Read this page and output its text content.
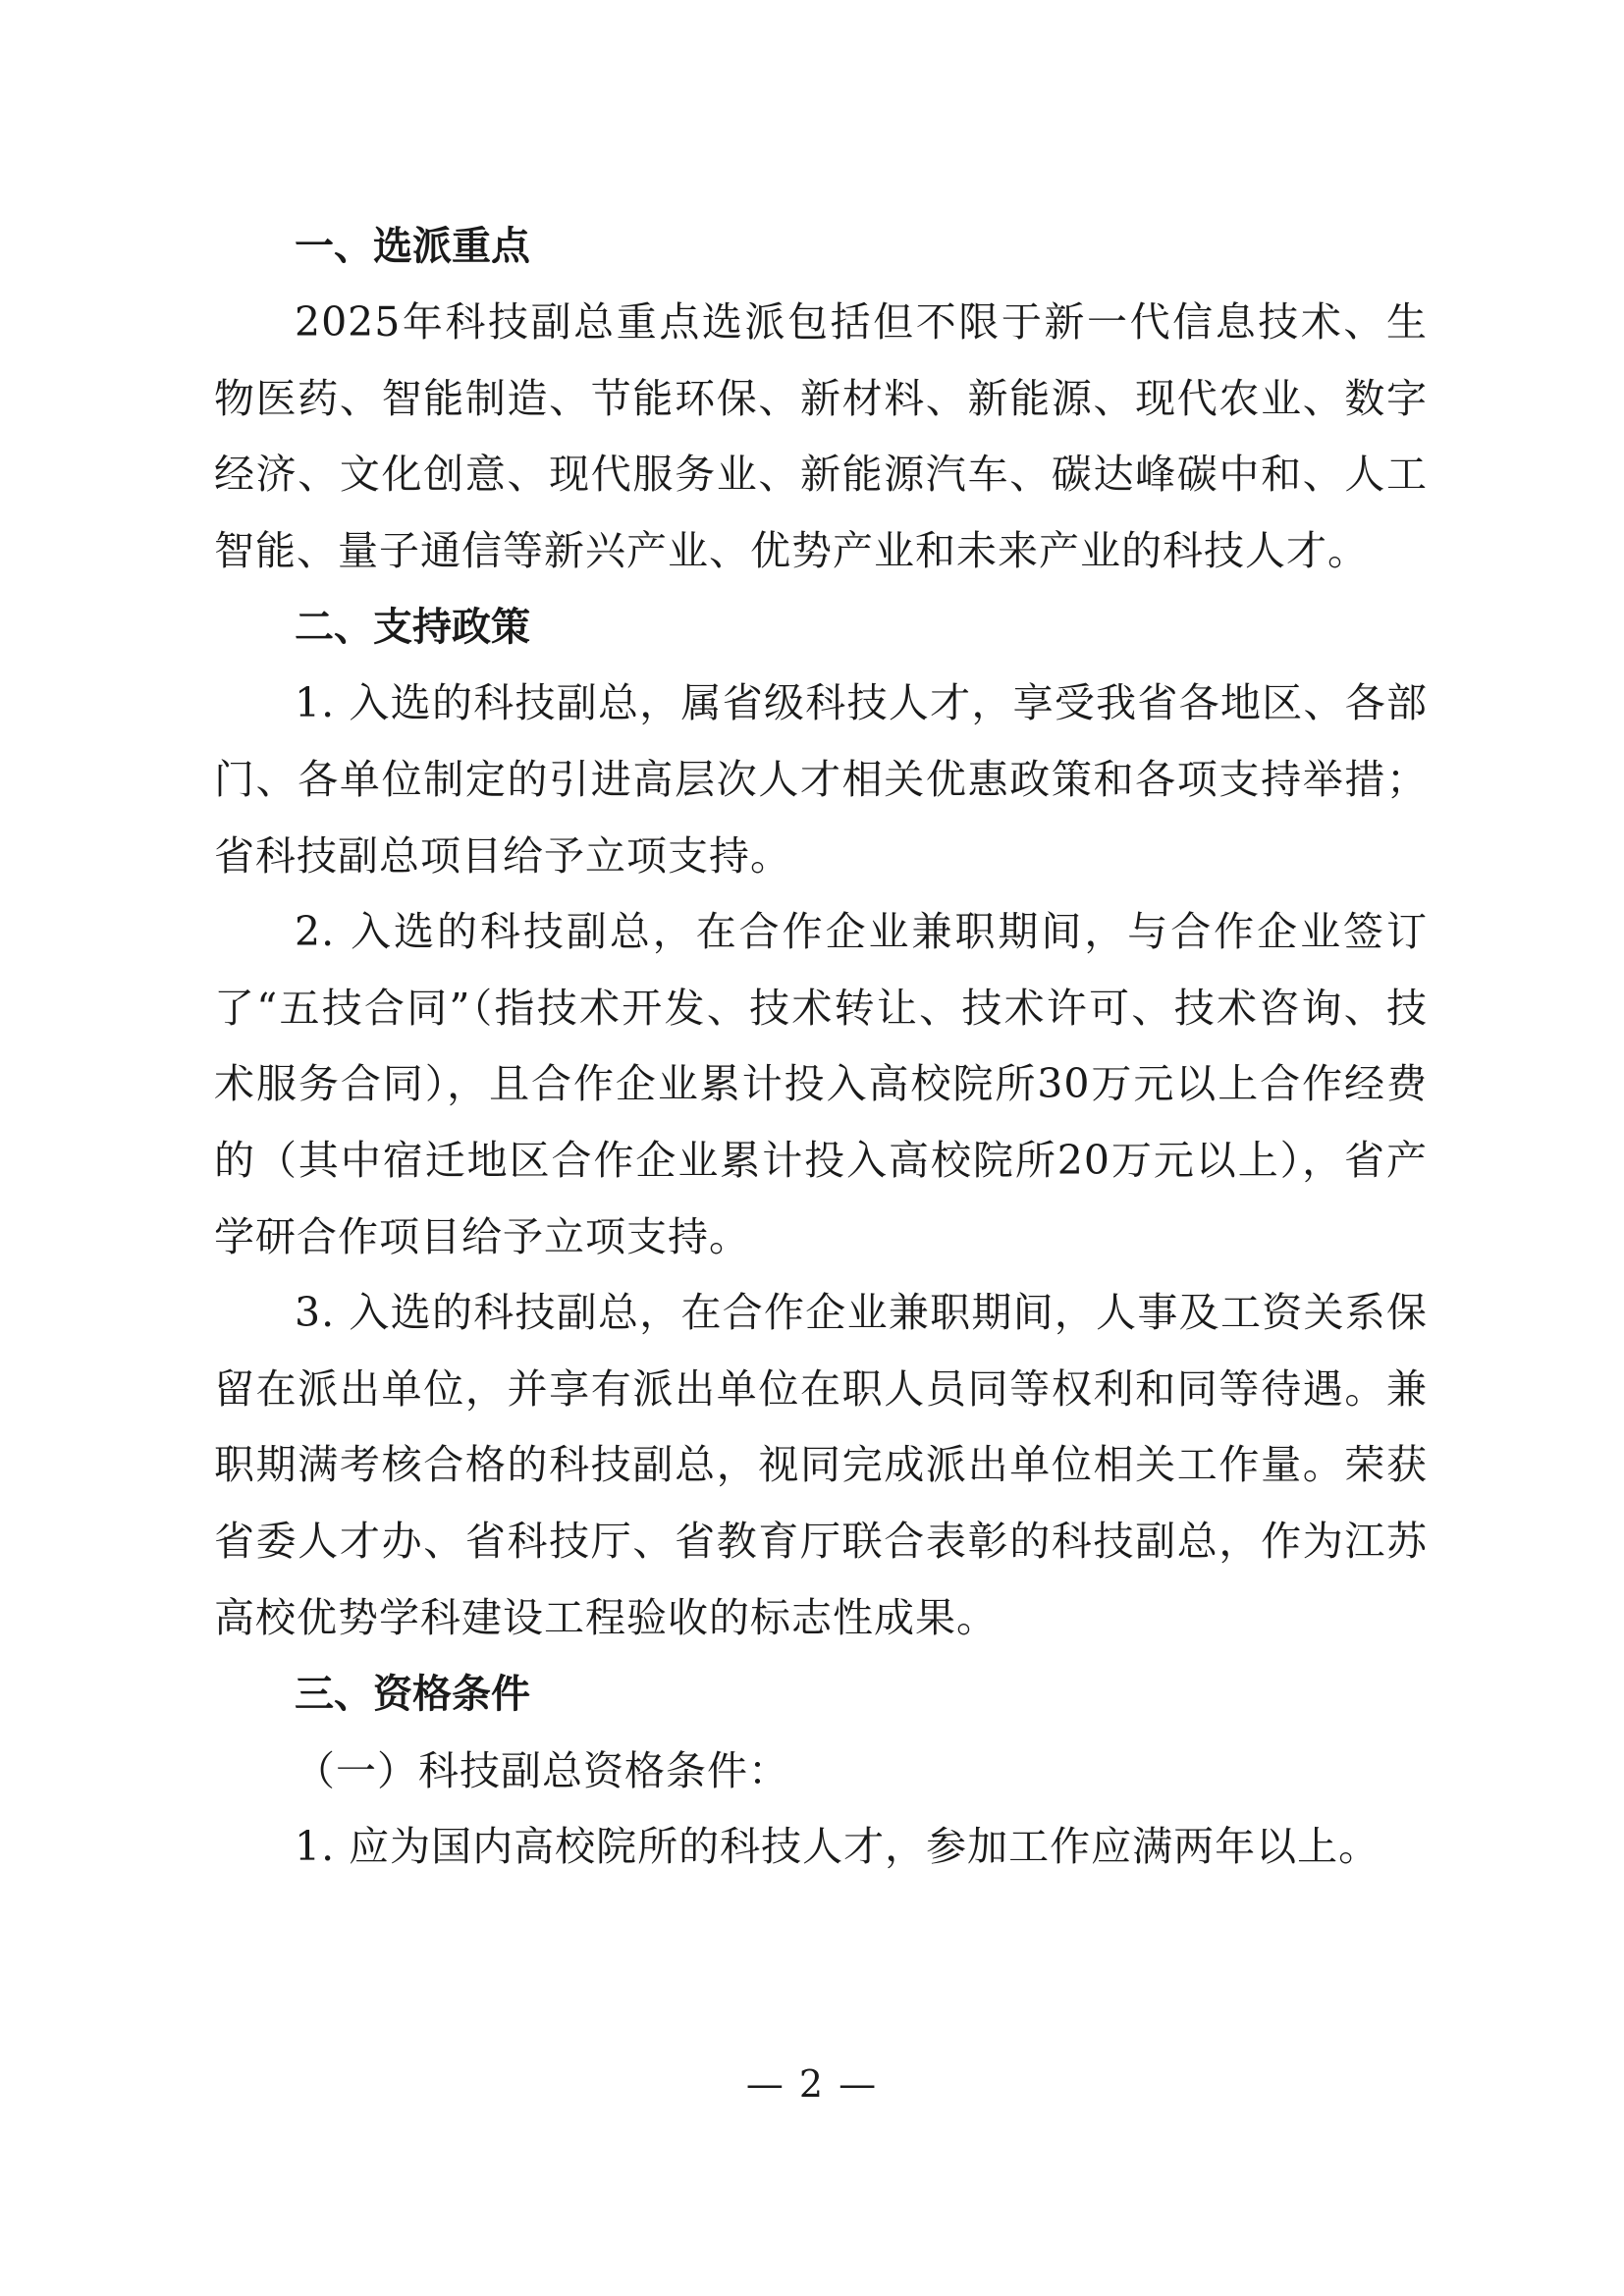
一、选派重点

2025年科技副总重点选派包括但不限于新一代信息技术、生物医药、智能制造、节能环保、新材料、新能源、现代农业、数字经济、文化创意、现代服务业、新能源汽车、碳达峰碳中和、人工智能、量子通信等新兴产业、优势产业和未来产业的科技人才。

二、支持政策

1. 入选的科技副总，属省级科技人才，享受我省各地区、各部门、各单位制定的引进高层次人才相关优惠政策和各项支持举措；省科技副总项目给予立项支持。

2. 入选的科技副总，在合作企业兼职期间，与合作企业签订了“五技合同”（指技术开发、技术转让、技术许可、技术咨询、技术服务合同），且合作企业累计投入高校院所30万元以上合作经费的（其中宿迁地区合作企业累计投入高校院所20万元以上），省产学研合作项目给予立项支持。

3. 入选的科技副总，在合作企业兼职期间，人事及工资关系保留在派出单位，并享有派出单位在职人员同等权利和同等待遇。兼职期满考核合格的科技副总，视同完成派出单位相关工作量。荣获省委人才办、省科技厅、省教育厅联合表彰的科技副总，作为江苏高校优势学科建设工程验收的标志性成果。

三、资格条件

（一）科技副总资格条件：

1. 应为国内高校院所的科技人才，参加工作应满两年以上。

— 2 —
